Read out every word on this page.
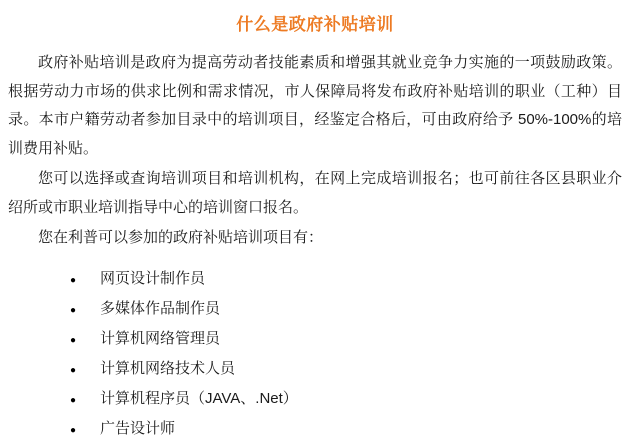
什么是政府补贴培训

政府补贴培训是政府为提高劳动者技能素质和增强其就业竞争力实施的一项鼓励政策。根据劳动力市场的供求比例和需求情况，市人保障局将发布政府补贴培训的职业（工种）目录。本市户籍劳动者参加目录中的培训项目，经鉴定合格后，可由政府给予 50%-100%的培训费用补贴。

您可以选择或查询培训项目和培训机构，在网上完成培训报名；也可前往各区县职业介绍所或市职业培训指导中心的培训窗口报名。

您在利普可以参加的政府补贴培训项目有：

●	网页设计制作员
●	多媒体作品制作员
●	计算机网络管理员
●	计算机网络技术人员
●	计算机程序员（JAVA、.Net）
●	广告设计师
